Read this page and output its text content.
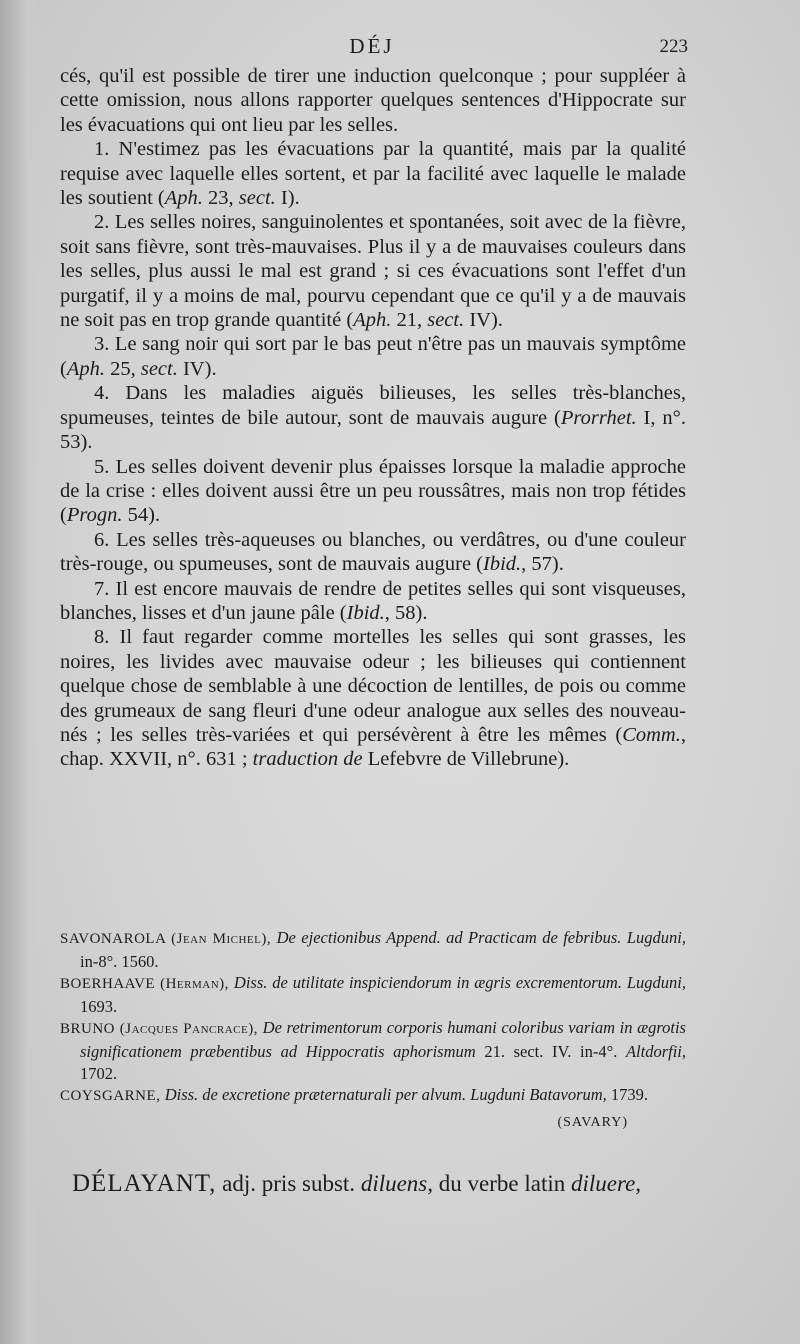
DÉJ	223

cés, qu'il est possible de tirer une induction quelconque ; pour suppléer à cette omission, nous allons rapporter quelques sentences d'Hippocrate sur les évacuations qui ont lieu par les selles.

1. N'estimez pas les évacuations par la quantité, mais par la qualité requise avec laquelle elles sortent, et par la facilité avec laquelle le malade les soutient (Aph. 23, sect. I).

2. Les selles noires, sanguinolentes et spontanées, soit avec de la fièvre, soit sans fièvre, sont très-mauvaises. Plus il y a de mauvaises couleurs dans les selles, plus aussi le mal est grand ; si ces évacuations sont l'effet d'un purgatif, il y a moins de mal, pourvu cependant que ce qu'il y a de mauvais ne soit pas en trop grande quantité (Aph. 21, sect. IV).

3. Le sang noir qui sort par le bas peut n'être pas un mauvais symptôme (Aph. 25, sect. IV).

4. Dans les maladies aiguës bilieuses, les selles très-blanches, spumeuses, teintes de bile autour, sont de mauvais augure (Prorrhet. I, n°. 53).

5. Les selles doivent devenir plus épaisses lorsque la maladie approche de la crise : elles doivent aussi être un peu roussâtres, mais non trop fétides (Progn. 54).

6. Les selles très-aqueuses ou blanches, ou verdâtres, ou d'une couleur très-rouge, ou spumeuses, sont de mauvais augure (Ibid., 57).

7. Il est encore mauvais de rendre de petites selles qui sont visqueuses, blanches, lisses et d'un jaune pâle (Ibid., 58).

8. Il faut regarder comme mortelles les selles qui sont grasses, les noires, les livides avec mauvaise odeur ; les bilieuses qui contiennent quelque chose de semblable à une décoction de lentilles, de pois ou comme des grumeaux de sang fleuri d'une odeur analogue aux selles des nouveau-nés ; les selles très-variées et qui persévèrent à être les mêmes (Comm., chap. XXVII, n°. 631 ; traduction de Lefebvre de Villebrune).

SAVONAROLA (Jean Michel), De ejectionibus Append. ad Practicam de febribus. Lugduni, in-8°. 1560.

BOERHAAVE (Herman), Diss. de utilitate inspiciendorum in ægris excrementorum. Lugduni, 1693.

BRUNO (Jacques Pancrace), De retrimentorum corporis humani coloribus variam in ægrotis significationem præbentibus ad Hippocratis aphorismum 21. sect. IV. in-4°. Altdorfii, 1702.

COYSGARNE, Diss. de excretione præternaturali per alvum. Lugduni Batavorum, 1739.

(SAVARY)
DÉLAYANT, adj. pris subst. diluens, du verbe latin diluere,
